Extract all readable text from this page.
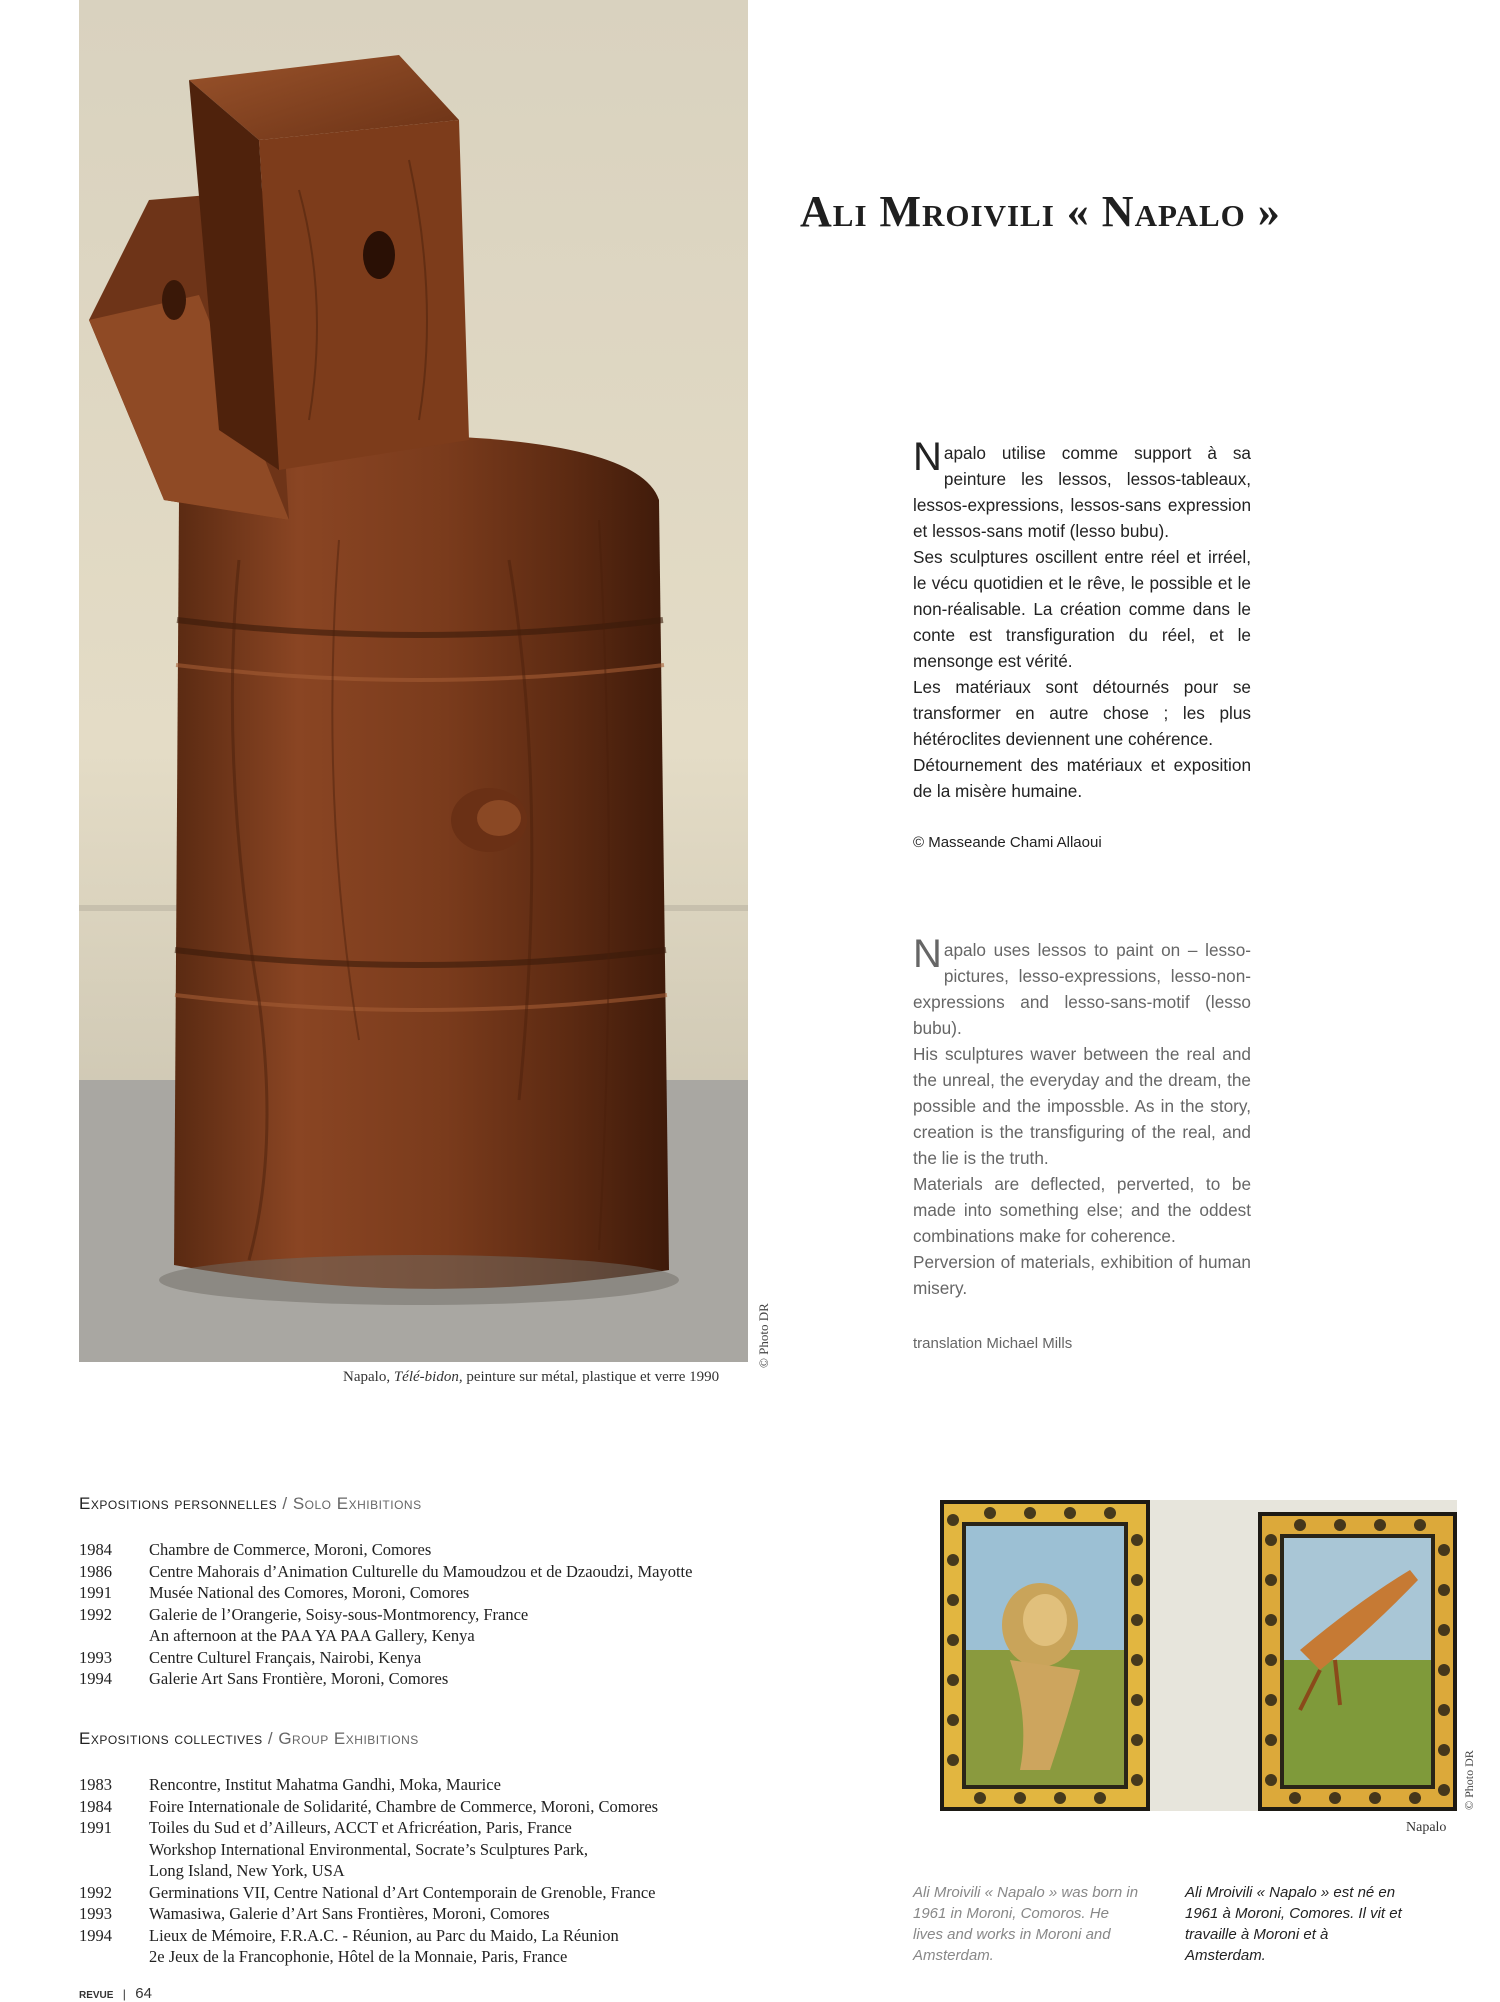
© Photo DR
Napalo, Télé-bidon, peinture sur métal, plastique et verre 1990
Ali Mroivili « Napalo »

Napalo utilise comme support à sa peinture les lessos, lessos-tableaux, lessos-expressions, lessos-sans expression et lessos-sans motif (lesso bubu).

Ses sculptures oscillent entre réel et irréel, le vécu quotidien et le rêve, le possible et le non-réalisable. La création comme dans le conte est transfiguration du réel, et le mensonge est vérité.

Les matériaux sont détournés pour se transformer en autre chose ; les plus hétéroclites deviennent une cohérence.

Détournement des matériaux et exposition de la misère humaine.

© Masseande Chami Allaoui

Napalo uses lessos to paint on – lesso-pictures, lesso-expressions, lesso-non-expressions and lesso-sans-motif (lesso bubu).

His sculptures waver between the real and the unreal, the everyday and the dream, the possible and the impossble. As in the story, creation is the transfiguring of the real, and the lie is the truth.

Materials are deflected, perverted, to be made into something else; and the oddest combinations make for coherence.

Perversion of materials, exhibition of human misery.

translation Michael Mills

Expositions personnelles / Solo Exhibitions
1984	Chambre de Commerce, Moroni, Comores
1986	Centre Mahorais d’Animation Culturelle du Mamoudzou et de Dzaoudzi, Mayotte
1991	Musée National des Comores, Moroni, Comores
1992	Galerie de l’Orangerie, Soisy-sous-Montmorency, France
An afternoon at the PAA YA PAA Gallery, Kenya
1993	Centre Culturel Français, Nairobi, Kenya
1994	Galerie Art Sans Frontière, Moroni, Comores
Expositions collectives / Group Exhibitions
1983	Rencontre, Institut Mahatma Gandhi, Moka, Maurice
1984	Foire Internationale de Solidarité, Chambre de Commerce, Moroni, Comores
1991	Toiles du Sud et d’Ailleurs, ACCT et Africréation, Paris, France
Workshop International Environmental, Socrate’s Sculptures Park,
Long Island, New York, USA
1992	Germinations VII, Centre National d’Art Contemporain de Grenoble, France
1993	Wamasiwa, Galerie d’Art Sans Frontières, Moroni, Comores
1994	Lieux de Mémoire, F.R.A.C. - Réunion, au Parc du Maido, La Réunion
2e Jeux de la Francophonie, Hôtel de la Monnaie, Paris, France
© Photo DR
Napalo
Ali Mroivili « Napalo » was born in 1961 in Moroni, Comoros. He lives and works in Moroni and Amsterdam.
Ali Mroivili « Napalo » est né en 1961 à Moroni, Comores. Il vit et travaille à Moroni et à Amsterdam.
REVUE | 64
